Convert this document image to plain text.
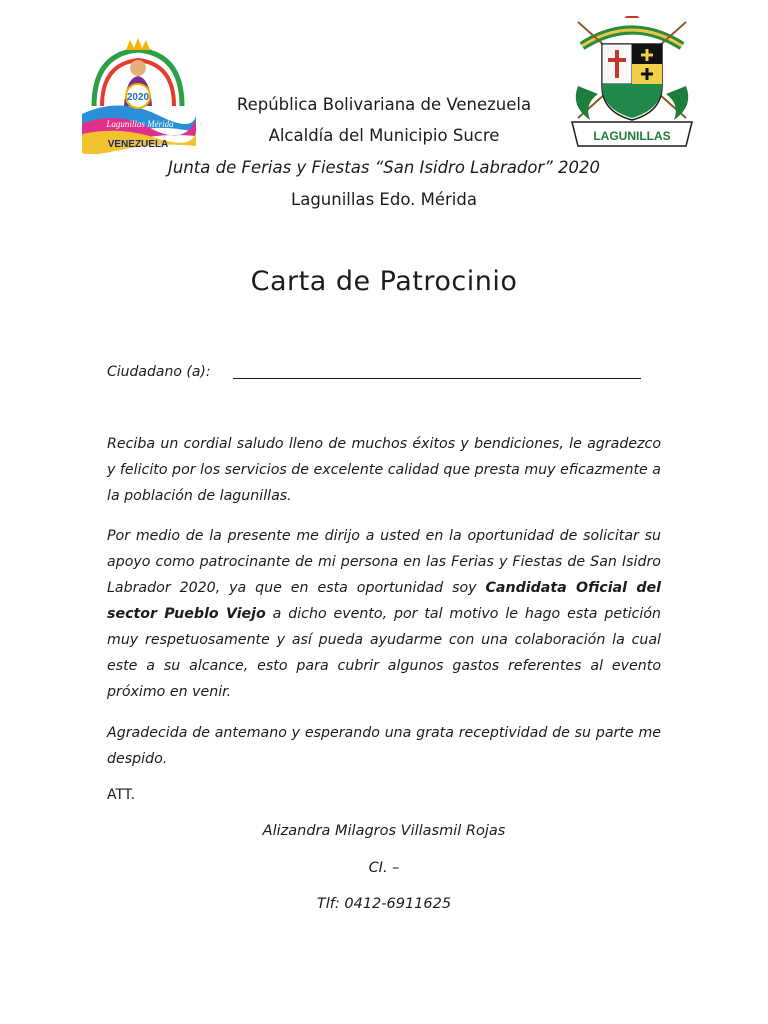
2020
Lagunillas Mérida
VENEZUELA
LAGUNILLAS
República Bolivariana de Venezuela
Alcaldía del Municipio Sucre
Junta de Ferias y Fiestas “San Isidro Labrador” 2020
Lagunillas Edo. Mérida
Carta de Patrocinio
Ciudadano (a):
Reciba un cordial saludo lleno de muchos éxitos y bendiciones, le agradezco y felicito por los servicios de excelente calidad que presta muy eficazmente a la población de lagunillas.
Por medio de la presente me dirijo a usted en la oportunidad de solicitar su apoyo como patrocinante de mi persona en las Ferias y Fiestas de San Isidro Labrador 2020, ya que en esta oportunidad soy Candidata Oficial del sector Pueblo Viejo a dicho evento, por tal motivo le hago esta petición muy respetuosamente y así pueda ayudarme con una colaboración la cual este a su alcance, esto para cubrir algunos gastos referentes al evento próximo en venir.
Agradecida de antemano y esperando una grata receptividad de su parte me despido.
ATT.
Alizandra Milagros Villasmil Rojas
CI. –
Tlf: 0412-6911625
